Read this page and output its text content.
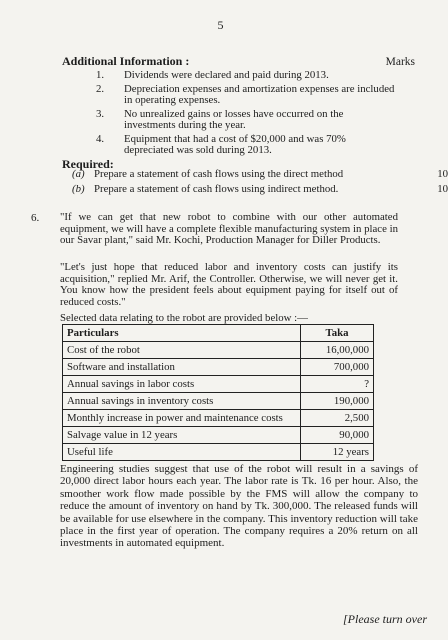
5
Marks
Additional Information :
1. Dividends were declared and paid during 2013.
2. Depreciation expenses and amortization expenses are included in operating expenses.
3. No unrealized gains or losses have occurred on the investments during the year.
4. Equipment that had a cost of $20,000 and was 70% depreciated was sold during 2013.
Required:
(a) Prepare a statement of cash flows using the direct method	10
(b) Prepare a statement of cash flows using indirect method.	10
6. "If we can get that new robot to combine with our other automated equipment, we will have a complete flexible manufacturing system in place in our Savar plant," said Mr. Kochi, Production Manager for Diller Products.
"Let's just hope that reduced labor and inventory costs can justify its acquisition," replied Mr. Arif, the Controller. Otherwise, we will never get it. You know how the president feels about equipment paying for itself out of reduced costs."
Selected data relating to the robot are provided below :—
Particulars	Taka
Cost of the robot	16,00,000
Software and installation	700,000
Annual savings in labor costs	?
Annual savings in inventory costs	190,000
Monthly increase in power and maintenance costs	2,500
Salvage value in 12 years	90,000
Useful life	12 years
Engineering studies suggest that use of the robot will result in a savings of 20,000 direct labor hours each year. The labor rate is Tk. 16 per hour. Also, the smoother work flow made possible by the FMS will allow the company to reduce the amount of inventory on hand by Tk. 300,000. The released funds will be available for use elsewhere in the company. This inventory reduction will take place in the first year of operation. The company requires a 20% return on all investments in automated equipment.
[Please turn over
